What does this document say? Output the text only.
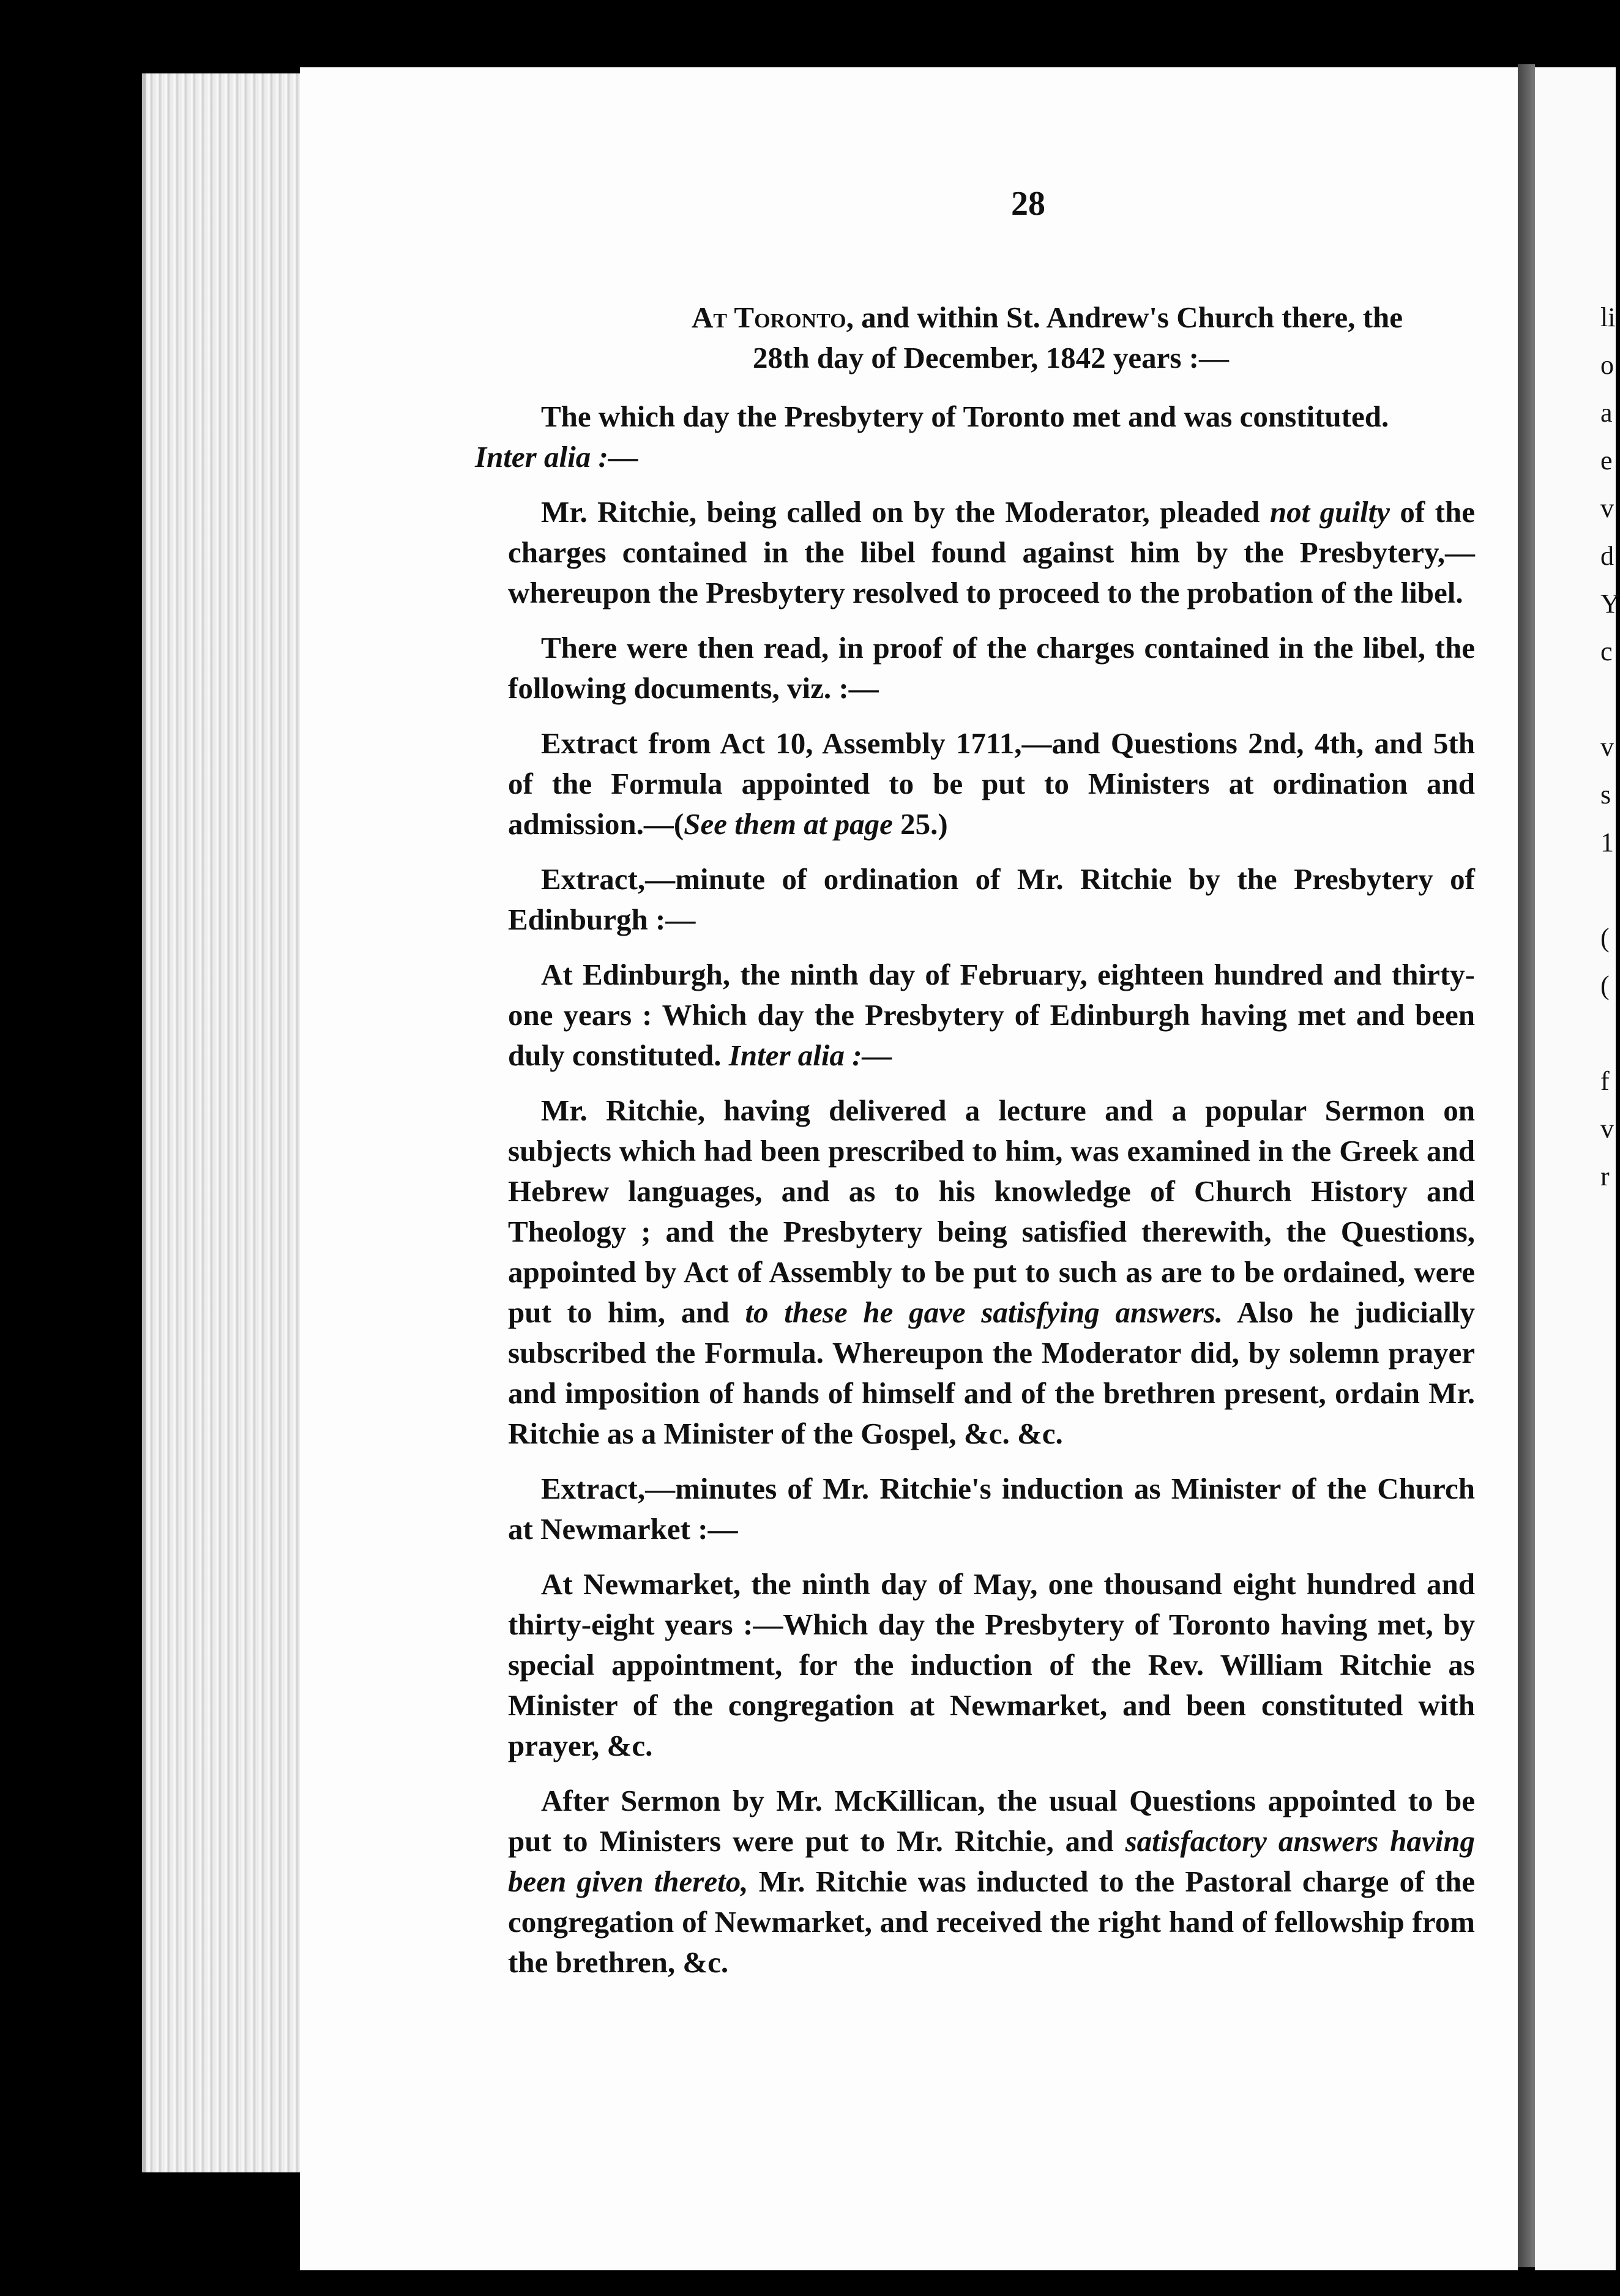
li
o
a
e
v
d
Y
c

v
s
1

(
(

f
v
r
28
At Toronto, and within St. Andrew's Church there, the
28th day of December, 1842 years :—

The which day the Presbytery of Toronto met and was constituted.
Inter alia :—

Mr. Ritchie, being called on by the Moderator, pleaded not guilty of the charges contained in the libel found against him by the Presbytery,—whereupon the Presbytery resolved to proceed to the probation of the libel.

There were then read, in proof of the charges contained in the libel, the following documents, viz. :—

Extract from Act 10, Assembly 1711,—and Questions 2nd, 4th, and 5th of the Formula appointed to be put to Ministers at ordination and admission.—(See them at page 25.)

Extract,—minute of ordination of Mr. Ritchie by the Presbytery of Edinburgh :—

At Edinburgh, the ninth day of February, eighteen hundred and thirty-one years : Which day the Presbytery of Edinburgh having met and been duly constituted. Inter alia :—

Mr. Ritchie, having delivered a lecture and a popular Sermon on subjects which had been prescribed to him, was examined in the Greek and Hebrew languages, and as to his knowledge of Church History and Theology ; and the Presbytery being satisfied therewith, the Questions, appointed by Act of Assembly to be put to such as are to be ordained, were put to him, and to these he gave satisfying answers. Also he judicially subscribed the Formula. Whereupon the Moderator did, by solemn prayer and imposition of hands of himself and of the brethren present, ordain Mr. Ritchie as a Minister of the Gospel, &c. &c.

Extract,—minutes of Mr. Ritchie's induction as Minister of the Church at Newmarket :—

At Newmarket, the ninth day of May, one thousand eight hundred and thirty-eight years :—Which day the Presbytery of Toronto having met, by special appointment, for the induction of the Rev. William Ritchie as Minister of the congregation at Newmarket, and been constituted with prayer, &c.

After Sermon by Mr. McKillican, the usual Questions appointed to be put to Ministers were put to Mr. Ritchie, and satisfactory answers having been given thereto, Mr. Ritchie was inducted to the Pastoral charge of the congregation of Newmarket, and received the right hand of fellowship from the brethren, &c.
